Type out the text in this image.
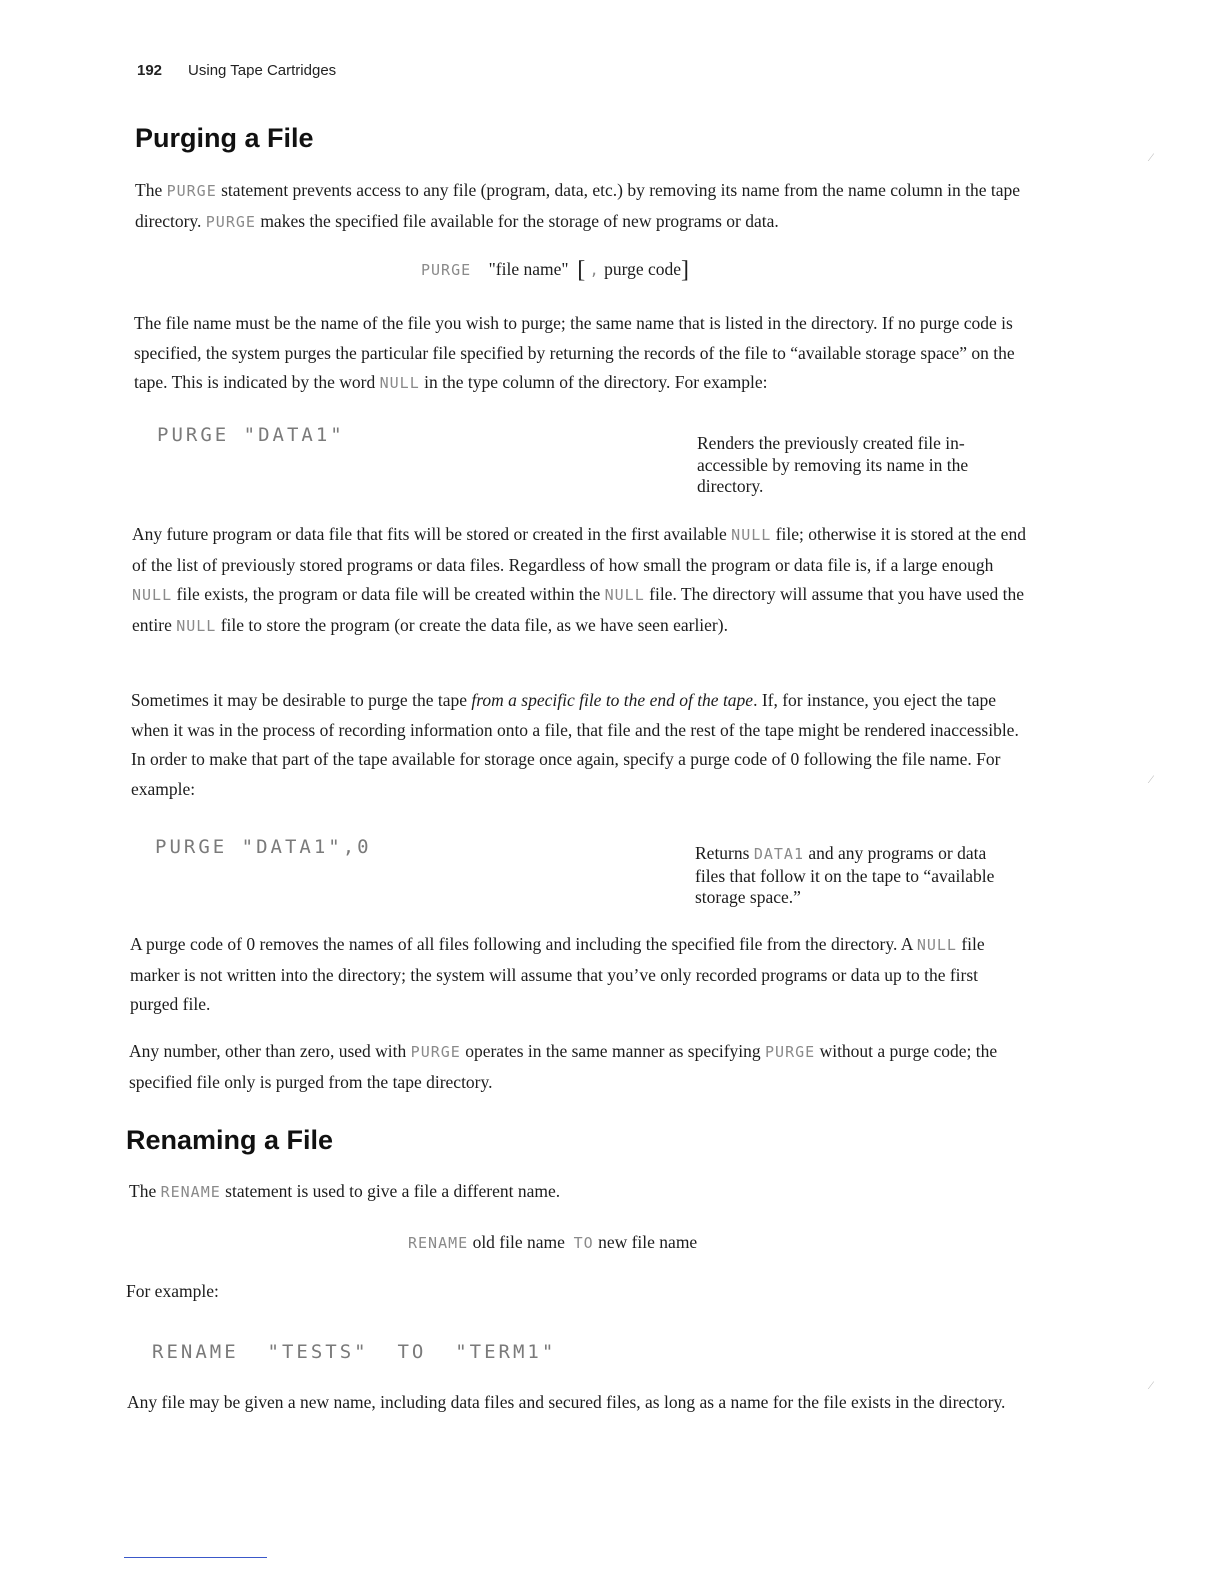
192 Using Tape Cartridges
⁄
⁄
⁄
Purging a File

The PURGE statement prevents access to any file (program, data, etc.) by removing its name from the name column in the tape directory. PURGE makes the specified file available for the storage of new programs or data.

PURGE "file name" [ , purge code]

The file name must be the name of the file you wish to purge; the same name that is listed in the directory. If no purge code is specified, the system purges the particular file specified by returning the records of the file to “available storage space” on the tape. This is indicated by the word NULL in the type column of the directory. For example:

PURGE "DATA1"	Renders the previously created file in-accessible by removing its name in the directory.

Any future program or data file that fits will be stored or created in the first available NULL file; otherwise it is stored at the end of the list of previously stored programs or data files. Regardless of how small the program or data file is, if a large enough NULL file exists, the program or data file will be created within the NULL file. The directory will assume that you have used the entire NULL file to store the program (or create the data file, as we have seen earlier).

Sometimes it may be desirable to purge the tape from a specific file to the end of the tape. If, for instance, you eject the tape when it was in the process of recording information onto a file, that file and the rest of the tape might be rendered inaccessible. In order to make that part of the tape available for storage once again, specify a purge code of 0 following the file name. For example:

PURGE "DATA1",0	Returns DATA1 and any programs or data files that follow it on the tape to “available storage space.”

A purge code of 0 removes the names of all files following and including the specified file from the directory. A NULL file marker is not written into the directory; the system will assume that you’ve only recorded programs or data up to the first purged file.

Any number, other than zero, used with PURGE operates in the same manner as specifying PURGE without a purge code; the specified file only is purged from the tape directory.

Renaming a File

The RENAME statement is used to give a file a different name.

RENAME old file name TO new file name

For example:

RENAME  "TESTS"  TO  "TERM1"

Any file may be given a new name, including data files and secured files, as long as a name for the file exists in the directory.
